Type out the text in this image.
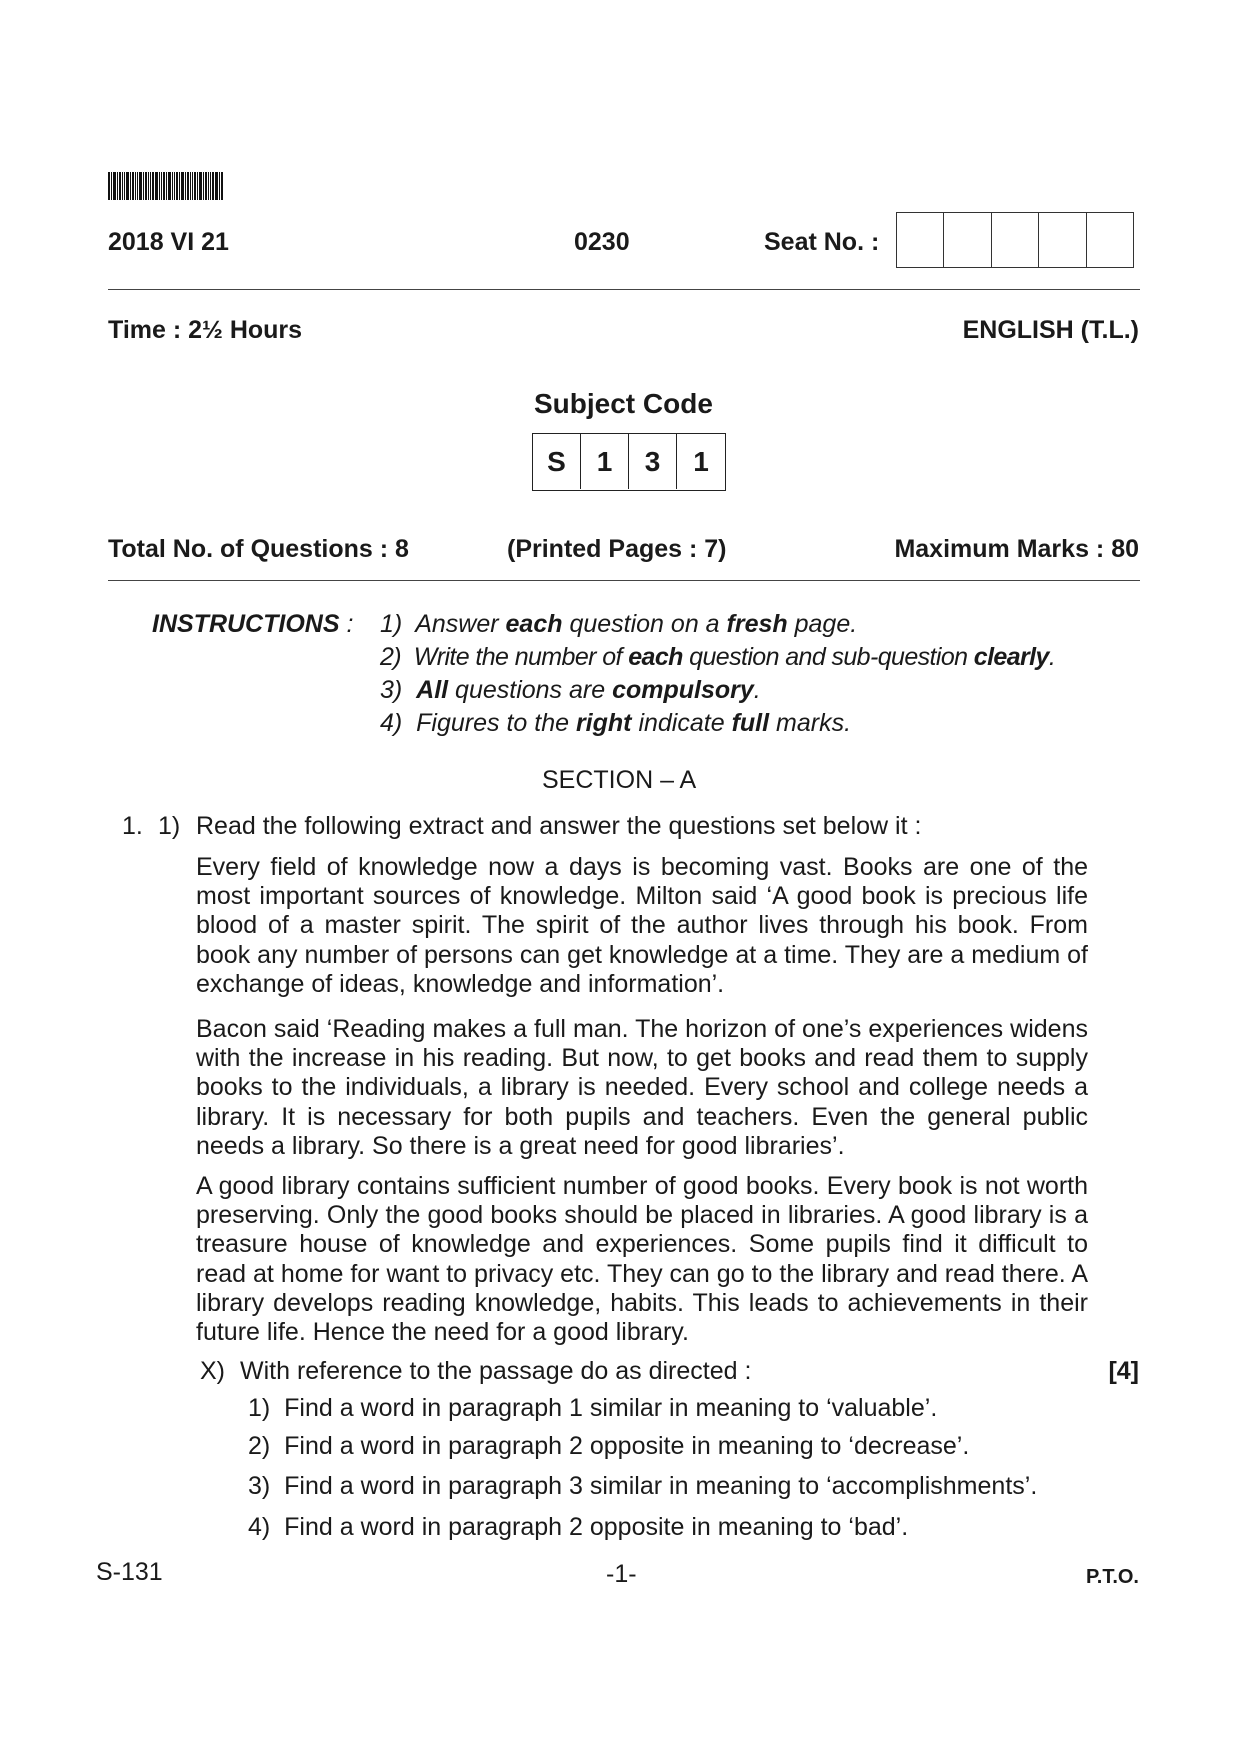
2018 VI 21	0230	Seat No. :
Time : 2½ Hours	ENGLISH (T.L.)
Subject Code
S	1	3	1
Total No. of Questions : 8	(Printed Pages : 7)	Maximum Marks : 80
INSTRUCTIONS : 1) Answer each question on a fresh page.
2) Write the number of each question and sub-question clearly.
3) All questions are compulsory.
4) Figures to the right indicate full marks.
SECTION – A
1. 1) Read the following extract and answer the questions set below it :

Every field of knowledge now a days is becoming vast. Books are one of the most important sources of knowledge. Milton said ‘A good book is precious life blood of a master spirit. The spirit of the author lives through his book. From book any number of persons can get knowledge at a time. They are a medium of exchange of ideas, knowledge and information’.

Bacon said ‘Reading makes a full man. The horizon of one’s experiences widens with the increase in his reading. But now, to get books and read them to supply books to the individuals, a library is needed. Every school and college needs a library. It is necessary for both pupils and teachers. Even the general public needs a library. So there is a great need for good libraries’.

A good library contains sufficient number of good books. Every book is not worth preserving. Only the good books should be placed in libraries. A good library is a treasure house of knowledge and experiences. Some pupils find it difficult to read at home for want to privacy etc. They can go to the library and read there. A library develops reading knowledge, habits. This leads to achievements in their future life. Hence the need for a good library.

X) With reference to the passage do as directed :	[4]
1) Find a word in paragraph 1 similar in meaning to ‘valuable’.
2) Find a word in paragraph 2 opposite in meaning to ‘decrease’.
3) Find a word in paragraph 3 similar in meaning to ‘accomplishments’.
4) Find a word in paragraph 2 opposite in meaning to ‘bad’.
S-131	-1-	P.T.O.
